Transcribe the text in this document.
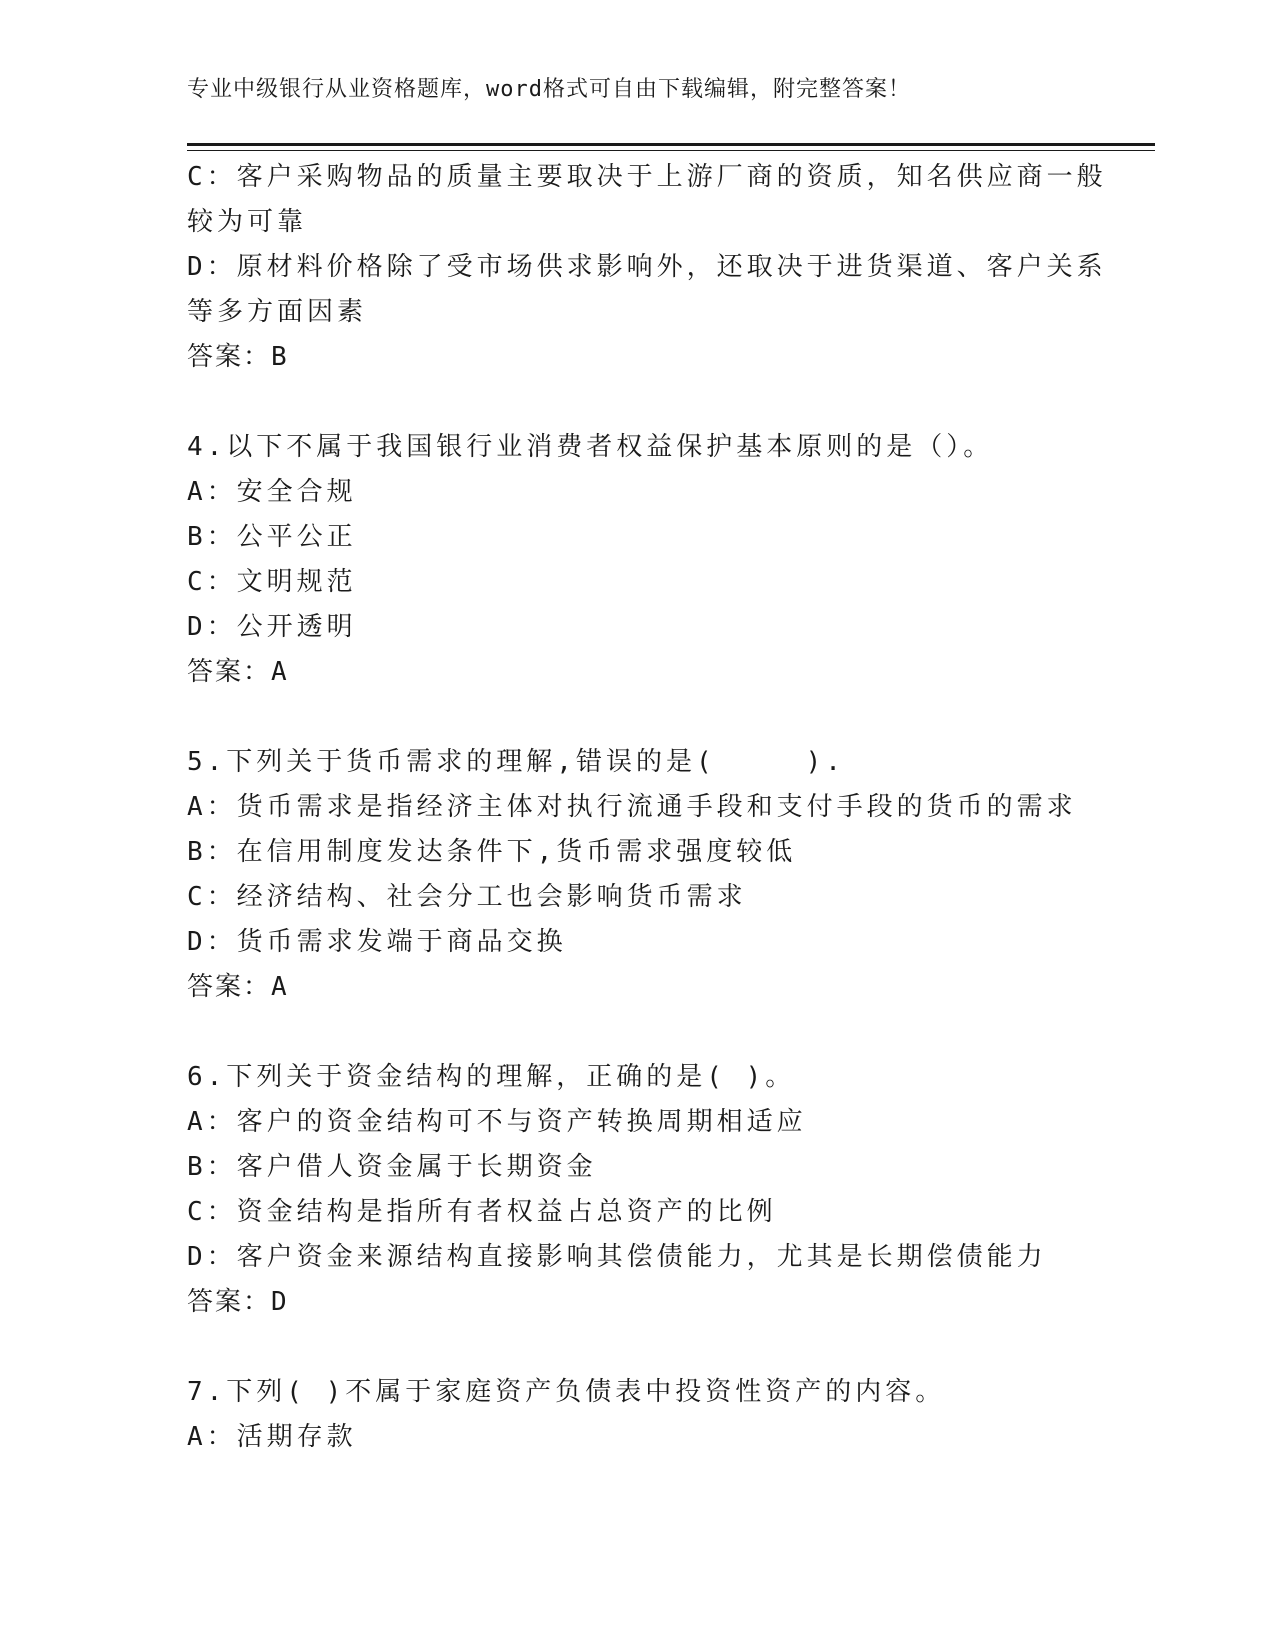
专业中级银行从业资格题库，word格式可自由下载编辑，附完整答案！
C：客户采购物品的质量主要取决于上游厂商的资质，知名供应商一般
较为可靠
D：原材料价格除了受市场供求影响外，还取决于进货渠道、客户关系
等多方面因素
答案：B
4.以下不属于我国银行业消费者权益保护基本原则的是（）。
A：安全合规
B：公平公正
C：文明规范
D：公开透明
答案：A
5.下列关于货币需求的理解,错误的是(　　　).
A：货币需求是指经济主体对执行流通手段和支付手段的货币的需求
B：在信用制度发达条件下,货币需求强度较低
C：经济结构、社会分工也会影响货币需求
D：货币需求发端于商品交换
答案：A
6.下列关于资金结构的理解，正确的是( )。
A：客户的资金结构可不与资产转换周期相适应
B：客户借人资金属于长期资金
C：资金结构是指所有者权益占总资产的比例
D：客户资金来源结构直接影响其偿债能力，尤其是长期偿债能力
答案：D
7.下列( )不属于家庭资产负债表中投资性资产的内容。
A：活期存款
